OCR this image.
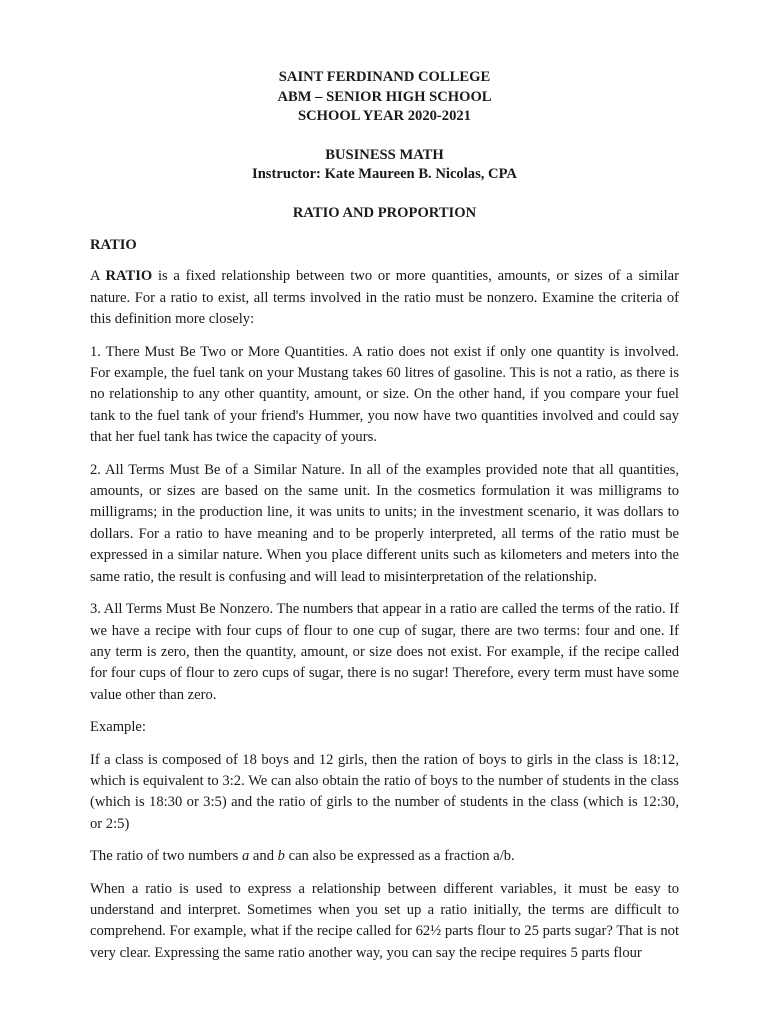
SAINT FERDINAND COLLEGE
ABM – SENIOR HIGH SCHOOL
SCHOOL YEAR 2020-2021
BUSINESS MATH
Instructor: Kate Maureen B. Nicolas, CPA
RATIO AND PROPORTION
RATIO

A RATIO is a fixed relationship between two or more quantities, amounts, or sizes of a similar nature. For a ratio to exist, all terms involved in the ratio must be nonzero. Examine the criteria of this definition more closely:

1. There Must Be Two or More Quantities. A ratio does not exist if only one quantity is involved. For example, the fuel tank on your Mustang takes 60 litres of gasoline. This is not a ratio, as there is no relationship to any other quantity, amount, or size. On the other hand, if you compare your fuel tank to the fuel tank of your friend's Hummer, you now have two quantities involved and could say that her fuel tank has twice the capacity of yours.

2. All Terms Must Be of a Similar Nature. In all of the examples provided note that all quantities, amounts, or sizes are based on the same unit. In the cosmetics formulation it was milligrams to milligrams; in the production line, it was units to units; in the investment scenario, it was dollars to dollars. For a ratio to have meaning and to be properly interpreted, all terms of the ratio must be expressed in a similar nature. When you place different units such as kilometers and meters into the same ratio, the result is confusing and will lead to misinterpretation of the relationship.

3. All Terms Must Be Nonzero. The numbers that appear in a ratio are called the terms of the ratio. If we have a recipe with four cups of flour to one cup of sugar, there are two terms: four and one. If any term is zero, then the quantity, amount, or size does not exist. For example, if the recipe called for four cups of flour to zero cups of sugar, there is no sugar! Therefore, every term must have some value other than zero.

Example:

If a class is composed of 18 boys and 12 girls, then the ration of boys to girls in the class is 18:12, which is equivalent to 3:2. We can also obtain the ratio of boys to the number of students in the class (which is 18:30 or 3:5) and the ratio of girls to the number of students in the class (which is 12:30, or 2:5)

The ratio of two numbers a and b can also be expressed as a fraction a/b.

When a ratio is used to express a relationship between different variables, it must be easy to understand and interpret. Sometimes when you set up a ratio initially, the terms are difficult to comprehend. For example, what if the recipe called for 62½ parts flour to 25 parts sugar? That is not very clear. Expressing the same ratio another way, you can say the recipe requires 5 parts flour
